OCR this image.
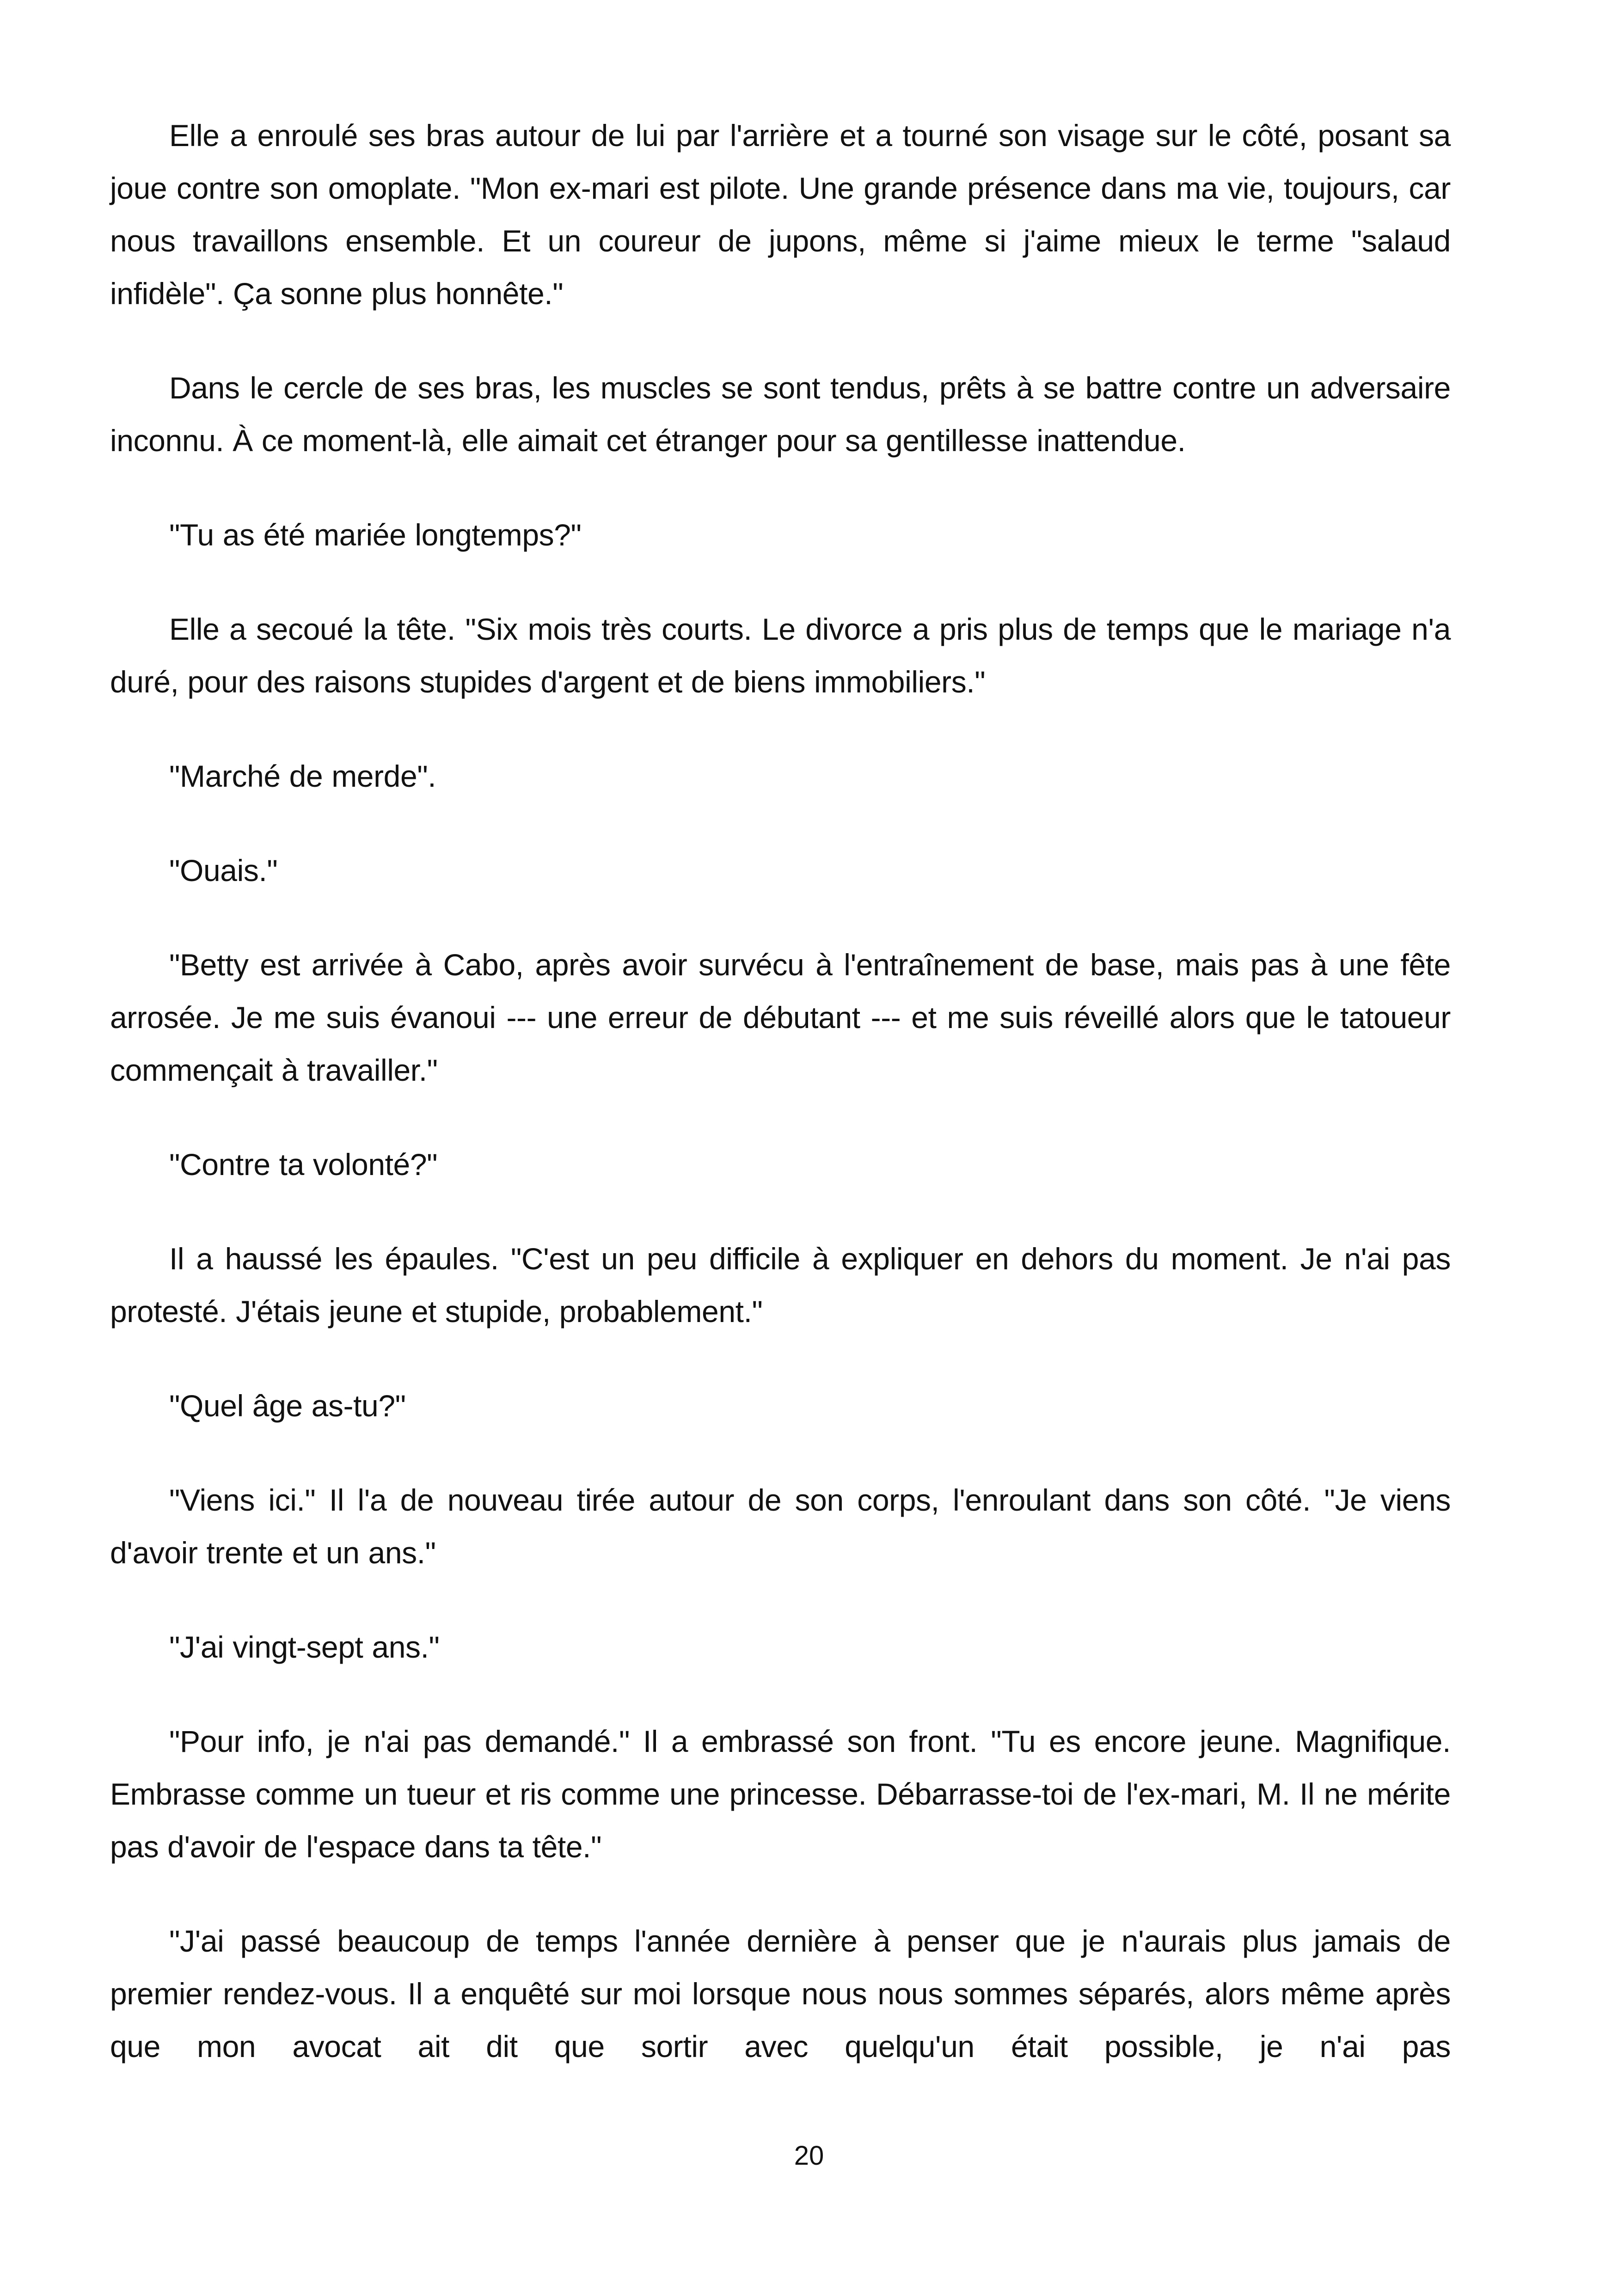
Elle a enroulé ses bras autour de lui par l'arrière et a tourné son visage sur le côté, posant sa joue contre son omoplate. "Mon ex-mari est pilote. Une grande présence dans ma vie, toujours, car nous travaillons ensemble. Et un coureur de jupons, même si j'aime mieux le terme "salaud infidèle". Ça sonne plus honnête."

Dans le cercle de ses bras, les muscles se sont tendus, prêts à se battre contre un adversaire inconnu. À ce moment-là, elle aimait cet étranger pour sa gentillesse inattendue.

"Tu as été mariée longtemps?"

Elle a secoué la tête. "Six mois très courts. Le divorce a pris plus de temps que le mariage n'a duré, pour des raisons stupides d'argent et de biens immobiliers."

"Marché de merde".

"Ouais."

"Betty est arrivée à Cabo, après avoir survécu à l'entraînement de base, mais pas à une fête arrosée. Je me suis évanoui --- une erreur de débutant --- et me suis réveillé alors que le tatoueur commençait à travailler."

"Contre ta volonté?"

Il a haussé les épaules. "C'est un peu difficile à expliquer en dehors du moment. Je n'ai pas protesté. J'étais jeune et stupide, probablement."

"Quel âge as-tu?"

"Viens ici." Il l'a de nouveau tirée autour de son corps, l'enroulant dans son côté. "Je viens d'avoir trente et un ans."

"J'ai vingt-sept ans."

"Pour info, je n'ai pas demandé." Il a embrassé son front. "Tu es encore jeune. Magnifique. Embrasse comme un tueur et ris comme une princesse. Débarrasse-toi de l'ex-mari, M. Il ne mérite pas d'avoir de l'espace dans ta tête."

"J'ai passé beaucoup de temps l'année dernière à penser que je n'aurais plus jamais de premier rendez-vous. Il a enquêté sur moi lorsque nous nous sommes séparés, alors même après que mon avocat ait dit que sortir avec quelqu'un était possible, je n'ai pas

20
